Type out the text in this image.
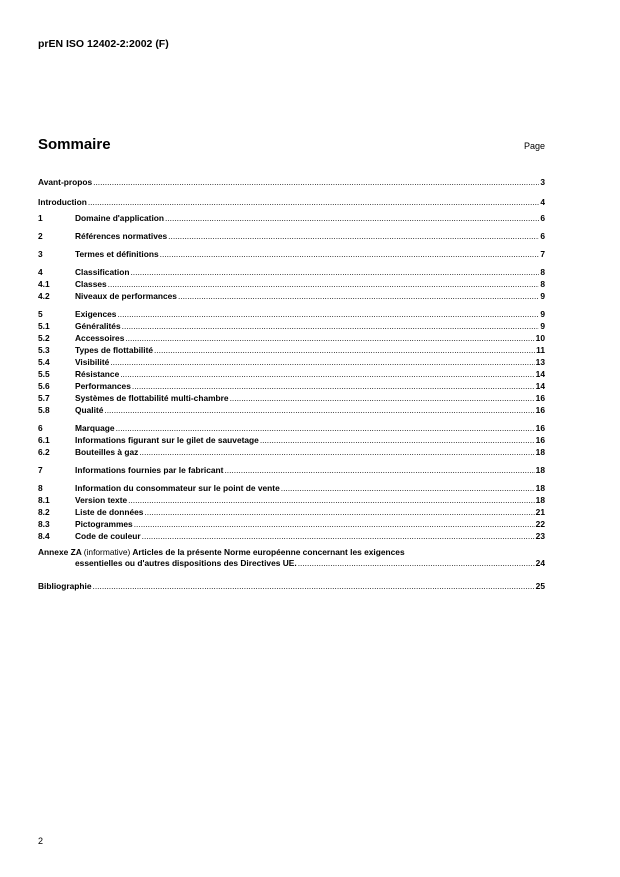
prEN ISO 12402-2:2002 (F)
Sommaire	Page
Avant-propos .....	3
Introduction .....	4
1	Domaine d'application .....	6
2	Références normatives .....	6
3	Termes et définitions .....	7
4	Classification .....	8
4.1	Classes .....	8
4.2	Niveaux de performances .....	9
5	Exigences .....	9
5.1	Généralités .....	9
5.2	Accessoires .....	10
5.3	Types de flottabilité .....	11
5.4	Visibilité .....	13
5.5	Résistance .....	14
5.6	Performances .....	14
5.7	Systèmes de flottabilité multi-chambre .....	16
5.8	Qualité .....	16
6	Marquage .....	16
6.1	Informations figurant sur le gilet de sauvetage .....	16
6.2	Bouteilles à gaz .....	18
7	Informations fournies par le fabricant .....	18
8	Information du consommateur sur le point de vente .....	18
8.1	Version texte .....	18
8.2	Liste de données .....	21
8.3	Pictogrammes .....	22
8.4	Code de couleur .....	23
Annexe ZA (informative) Articles de la présente Norme européenne concernant les exigences
essentielles ou d'autres dispositions des Directives UE. .....	24
Bibliographie .....	25
2
